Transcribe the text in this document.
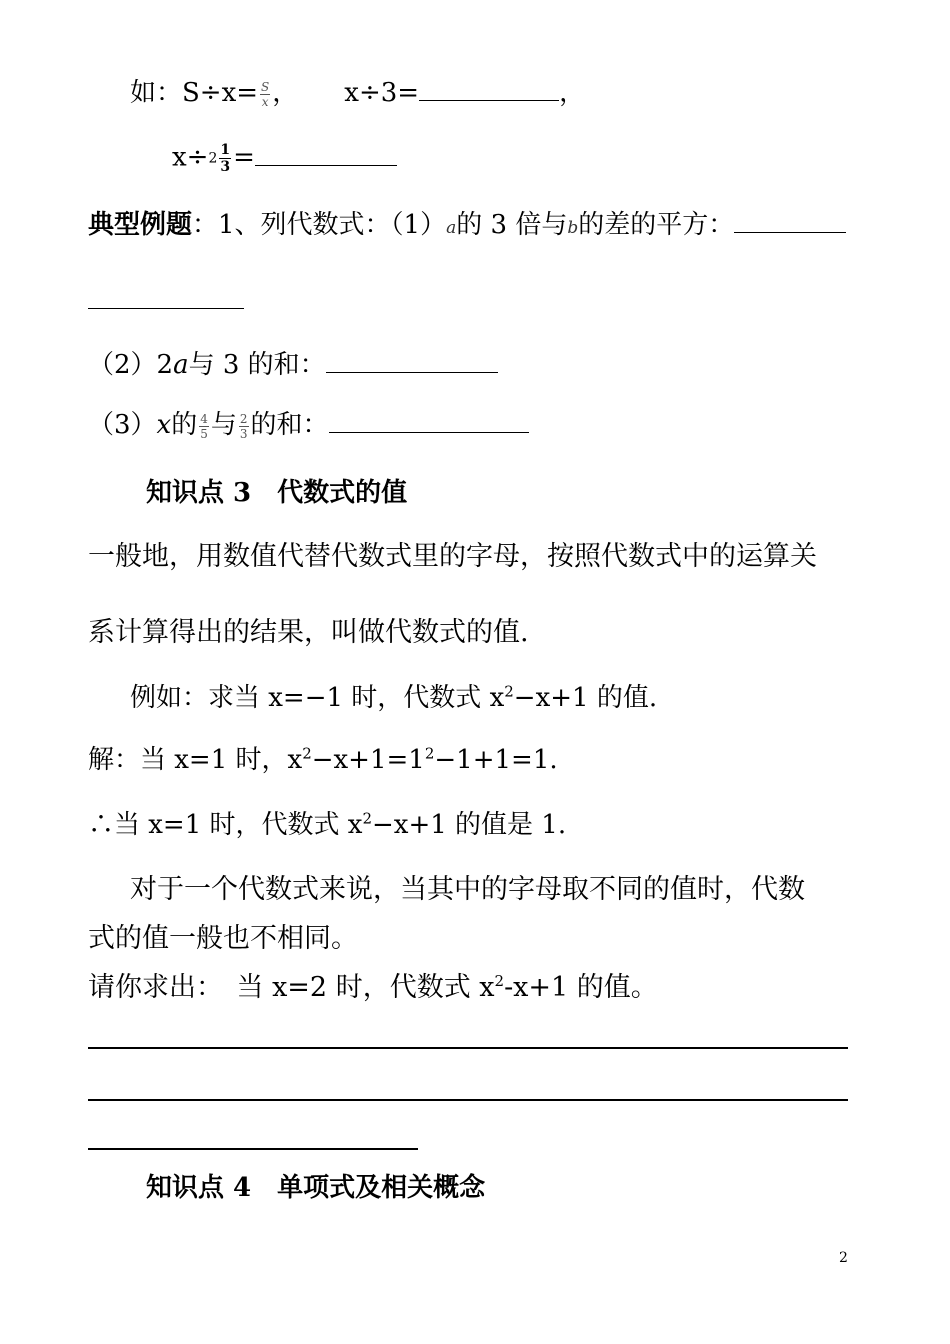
如：$S\div x= \frac{S}{x}$ ， x÷3=	，
$x\div 2 \frac{1}{3}$ =
典型例题：1、列代数式：（1）a的 3 倍与b的差的平方：
（2）2a与 3 的和：
（3）x的 $\frac{4}{5}$ 与 $\frac{2}{3}$ 的和：
知识点 3　代数式的值
一般地，用数值代替代数式里的字母，按照代数式中的运算关
系计算得出的结果，叫做代数式的值.
例如：求当 x=−1 时，代数式 $x^2-x+1$ 的值.
解：当 x=1 时，$x^2-x+1=1^2-1+1=1$.
∴当 x=1 时，代数式 $x^2-x+1$ 的值是 1.
对于一个代数式来说，当其中的字母取不同的值时，代数
式的值一般也不相同。
请你求出：　当 x=2 时，代数式 $x^2-x+1$ 的值。
知识点 4　单项式及相关概念
2
